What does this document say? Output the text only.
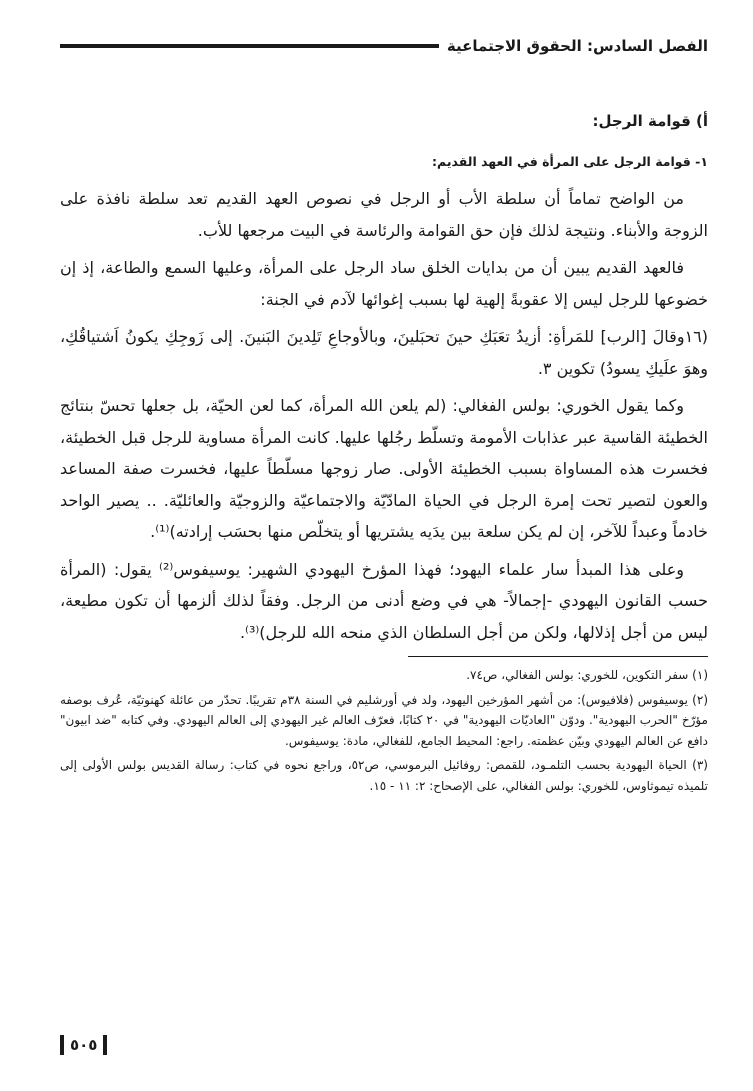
الفصل السادس: الحقوق الاجتماعية

أ) قوامة الرجل:

١- قوامة الرجل على المرأة في العهد القديم:

من الواضح تماماً أن سلطة الأب أو الرجل في نصوص العهد القديم تعد سلطة نافذة على الزوجة والأبناء. ونتيجة لذلك فإن حق القوامة والرئاسة في البيت مرجعها للأب.

فالعهد القديم يبين أن من بدايات الخلق ساد الرجل على المرأة، وعليها السمع والطاعة، إذ إن خضوعها للرجل ليس إلا عقوبةً إلهية لها بسبب إغوائها لآدم في الجنة:

(١٦وقالَ [الرب] للمَرأةِ: أزيدُ تعَبَكِ حينَ تحبَلينَ، وبالأوجاعِ تَلِدينَ البَنينَ. إلى زَوجِكِ يكونُ اَشتياقُكِ، وهوَ علَيكِ يسودُ) تكوين ٣.

وكما يقول الخوري: بولس الفغالي: (لم يلعن الله المرأة، كما لعن الحيّة، بل جعلها تحسّ بنتائج الخطيئة القاسية عبر عذابات الأمومة وتسلّط رجُلها عليها. كانت المرأة مساوية للرجل قبل الخطيئة، فخسرت هذه المساواة بسبب الخطيئة الأولى. صار زوجها مسلّطاً عليها، فخسرت صفة المساعد والعون لتصير تحت إمرة الرجل في الحياة المادّيّة والاجتماعيّة والزوجيّة والعائليّة. .. يصير الواحد خادماً وعبداً للآخر، إن لم يكن سلعة بين يدَيه يشتريها أو يتخلّص منها بحسَب إرادته)⁽¹⁾.

وعلى هذا المبدأ سار علماء اليهود؛ فهذا المؤرخ اليهودي الشهير: يوسيفوس⁽²⁾ يقول: (المرأة حسب القانون اليهودي -إجمالاً- هي في وضع أدنى من الرجل. وفقاً لذلك ألزمها أن تكون مطيعة، ليس من أجل إذلالها، ولكن من أجل السلطان الذي منحه الله للرجل)⁽³⁾.

(١) سفر التكوين، للخوري: بولس الفغالي، ص٧٤.

(٢) يوسيفوس (فلافيوس): من أشهر المؤرخين اليهود، ولد في أورشليم في السنة ٣٨م تقريبًا. تحدّر من عائلة كهنوتيّة، عُرف بوصفه مؤرّخ "الحرب اليهودية". ودوّن "العاديّات اليهودية" في ٢٠ كتابًا، فعرّف العالم غير اليهودي إلى العالم اليهودي. وفي كتابه "ضد ابيون" دافع عن العالم اليهودي وبيّن عظمته. راجع: المحيط الجامع، للفغالي، مادة: يوسيفوس.

(٣) الحياة اليهودية بحسب التلمـود، للقمص: روفائيل البرموسي، ص٥٢، وراجع نحوه في كتاب: رسالة القديس بولس الأولى إلى تلميذه تيموثاوس، للخوري: بولس الفغالي، على الإصحاح: ٢: ١١ - ١٥.

٥٠٥
